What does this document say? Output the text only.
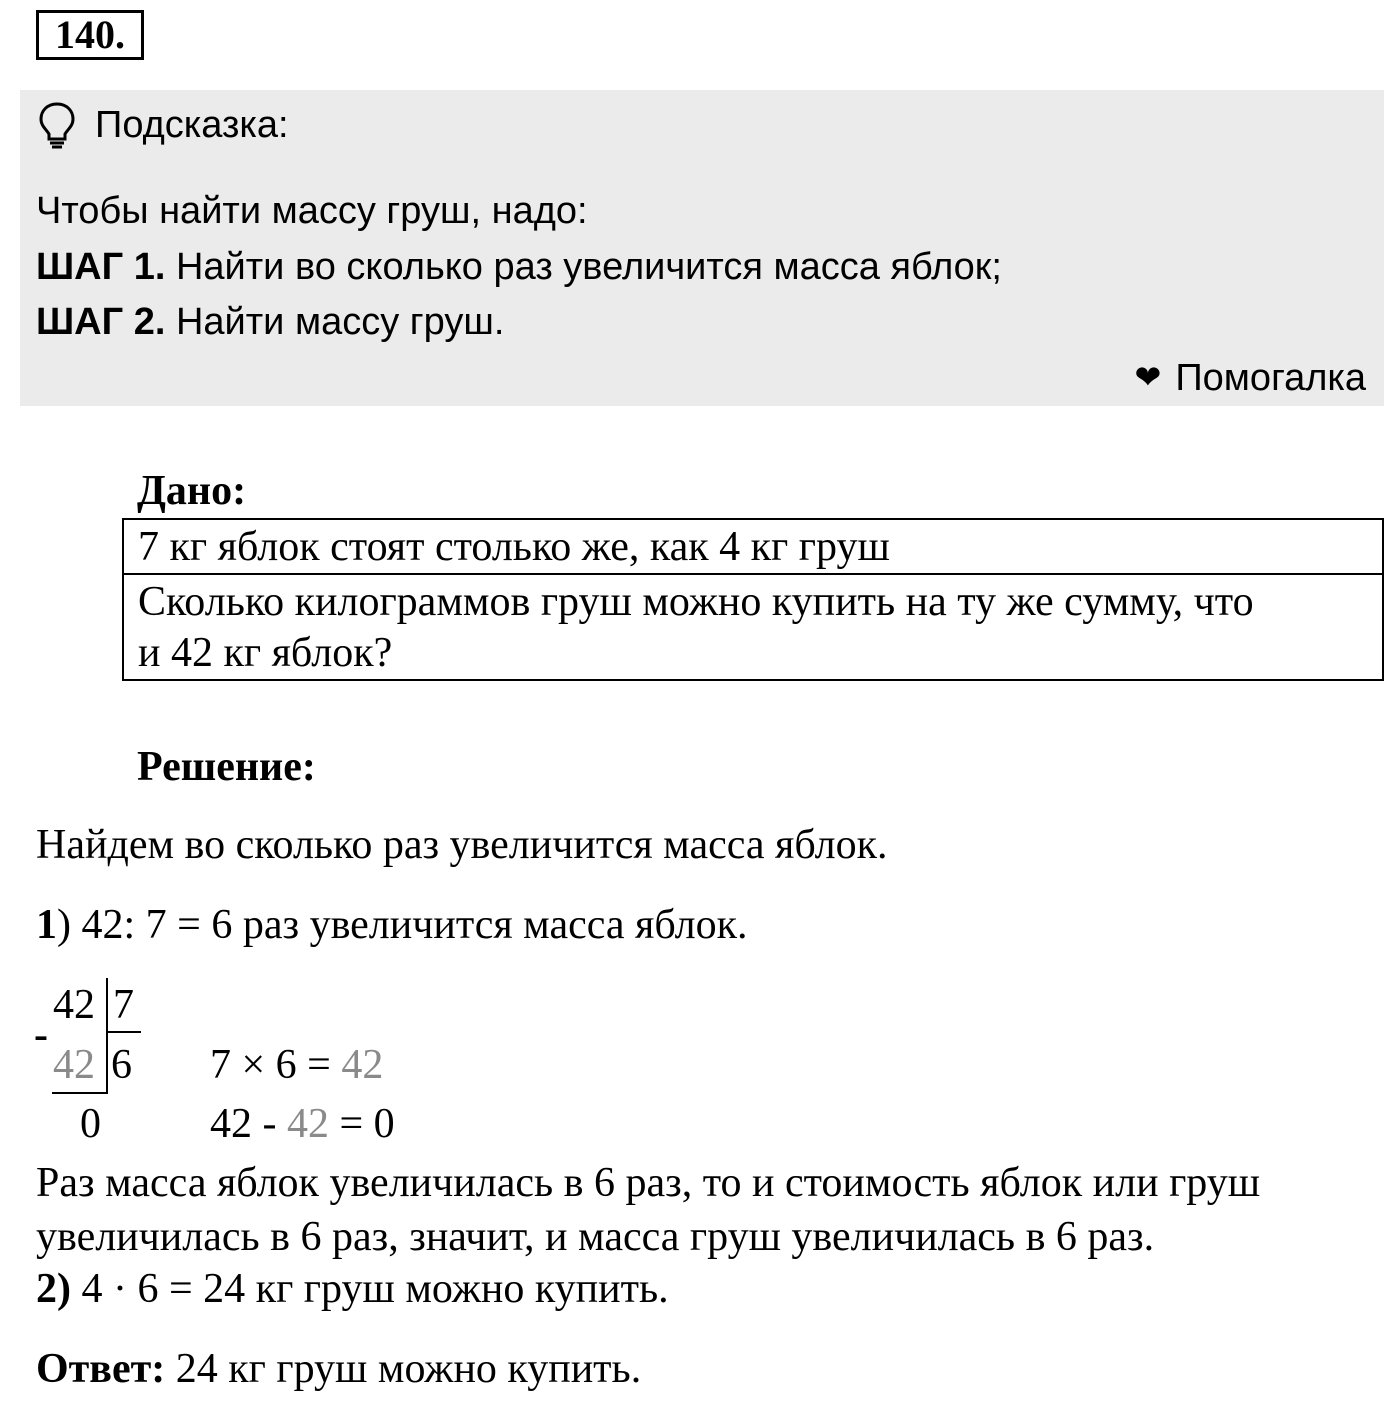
140.
Подсказка:
Чтобы найти массу груш, надо:
ШАГ 1. Найти во сколько раз увеличится масса яблок;
ШАГ 2. Найти массу груш.
❤ Помогалка
Дано:
7 кг яблок стоят столько же, как 4 кг груш
Сколько килограммов груш можно купить на ту же сумму, что
и 42 кг яблок?
Решение:
Найдем во сколько раз увеличится масса яблок.
1) 42: 7 = 6 раз увеличится масса яблок.
42 7
-
42 6
0
7 × 6 = 42
42 - 42 = 0
Раз масса яблок увеличилась в 6 раз, то и стоимость яблок или груш
увеличилась в 6 раз, значит, и масса груш увеличилась в 6 раз.
2) 4 · 6 = 24 кг груш можно купить.
Ответ: 24 кг груш можно купить.
